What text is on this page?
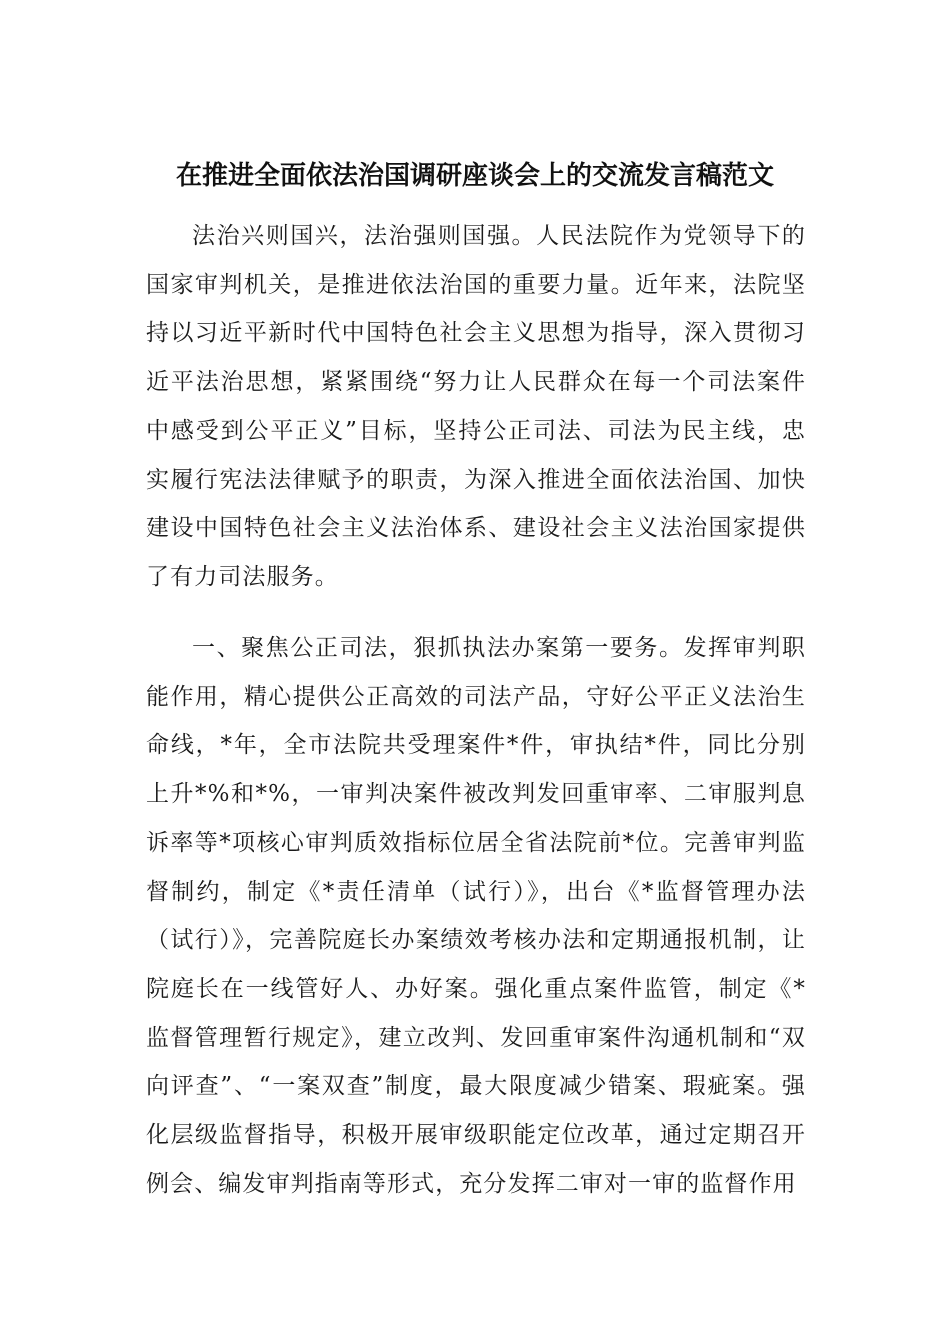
在推进全面依法治国调研座谈会上的交流发言稿范文

法治兴则国兴，法治强则国强。人民法院作为党领导下的国家审判机关，是推进依法治国的重要力量。近年来，法院坚持以习近平新时代中国特色社会主义思想为指导，深入贯彻习近平法治思想，紧紧围绕“努力让人民群众在每一个司法案件中感受到公平正义”目标，坚持公正司法、司法为民主线，忠实履行宪法法律赋予的职责，为深入推进全面依法治国、加快建设中国特色社会主义法治体系、建设社会主义法治国家提供了有力司法服务。

一、聚焦公正司法，狠抓执法办案第一要务。发挥审判职能作用，精心提供公正高效的司法产品，守好公平正义法治生命线，*年，全市法院共受理案件*件，审执结*件，同比分别上升*%和*%，一审判决案件被改判发回重审率、二审服判息诉率等*项核心审判质效指标位居全省法院前*位。完善审判监督制约，制定《*责任清单（试行）》，出台《*监督管理办法（试行）》，完善院庭长办案绩效考核办法和定期通报机制，让院庭长在一线管好人、办好案。强化重点案件监管，制定《*监督管理暂行规定》，建立改判、发回重审案件沟通机制和“双向评查”、“一案双查”制度，最大限度减少错案、瑕疵案。强化层级监督指导，积极开展审级职能定位改革，通过定期召开例会、编发审判指南等形式，充分发挥二审对一审的监督作用
